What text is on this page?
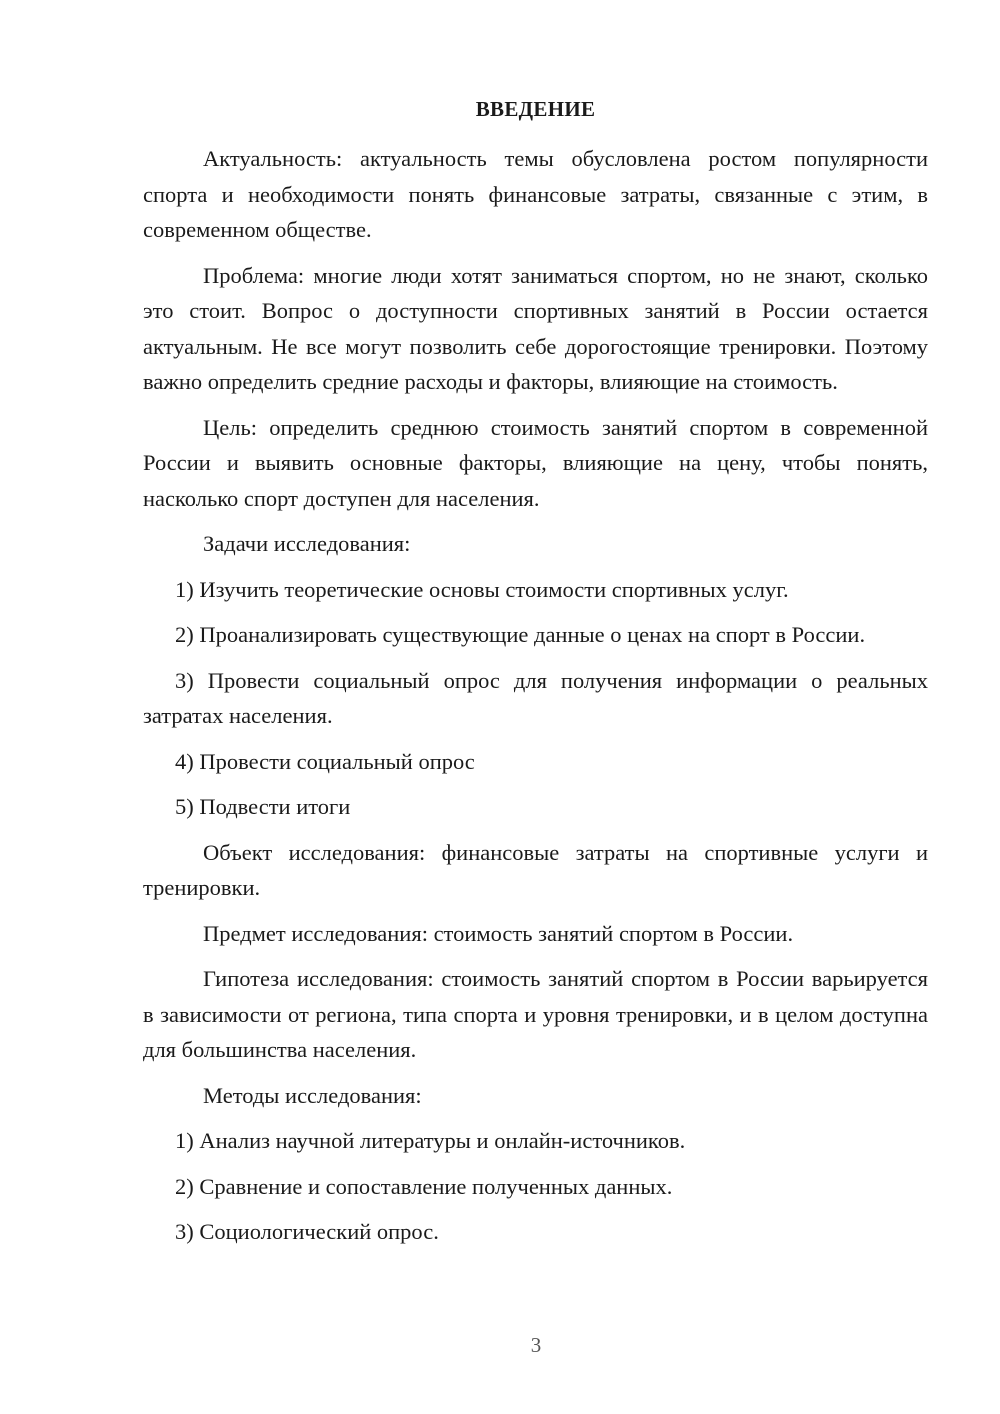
ВВЕДЕНИЕ

Актуальность: актуальность темы обусловлена ростом популярности спорта и необходимости понять финансовые затраты, связанные с этим, в современном обществе.

Проблема: многие люди хотят заниматься спортом, но не знают, сколько это стоит. Вопрос о доступности спортивных занятий в России остается актуальным. Не все могут позволить себе дорогостоящие тренировки. Поэтому важно определить средние расходы и факторы, влияющие на стоимость.

Цель: определить среднюю стоимость занятий спортом в современной России и выявить основные факторы, влияющие на цену, чтобы понять, насколько спорт доступен для населения.

Задачи исследования:

1) Изучить теоретические основы стоимости спортивных услуг.

2) Проанализировать существующие данные о ценах на спорт в России.

3) Провести социальный опрос для получения информации о реальных затратах населения.

4) Провести социальный опрос

5) Подвести итоги

Объект исследования: финансовые затраты на спортивные услуги и тренировки.

Предмет исследования: стоимость занятий спортом в России.

Гипотеза исследования: стоимость занятий спортом в России варьируется в зависимости от региона, типа спорта и уровня тренировки, и в целом доступна для большинства населения.

Методы исследования:

1) Анализ научной литературы и онлайн-источников.

2) Сравнение и сопоставление полученных данных.

3) Социологический опрос.

3
